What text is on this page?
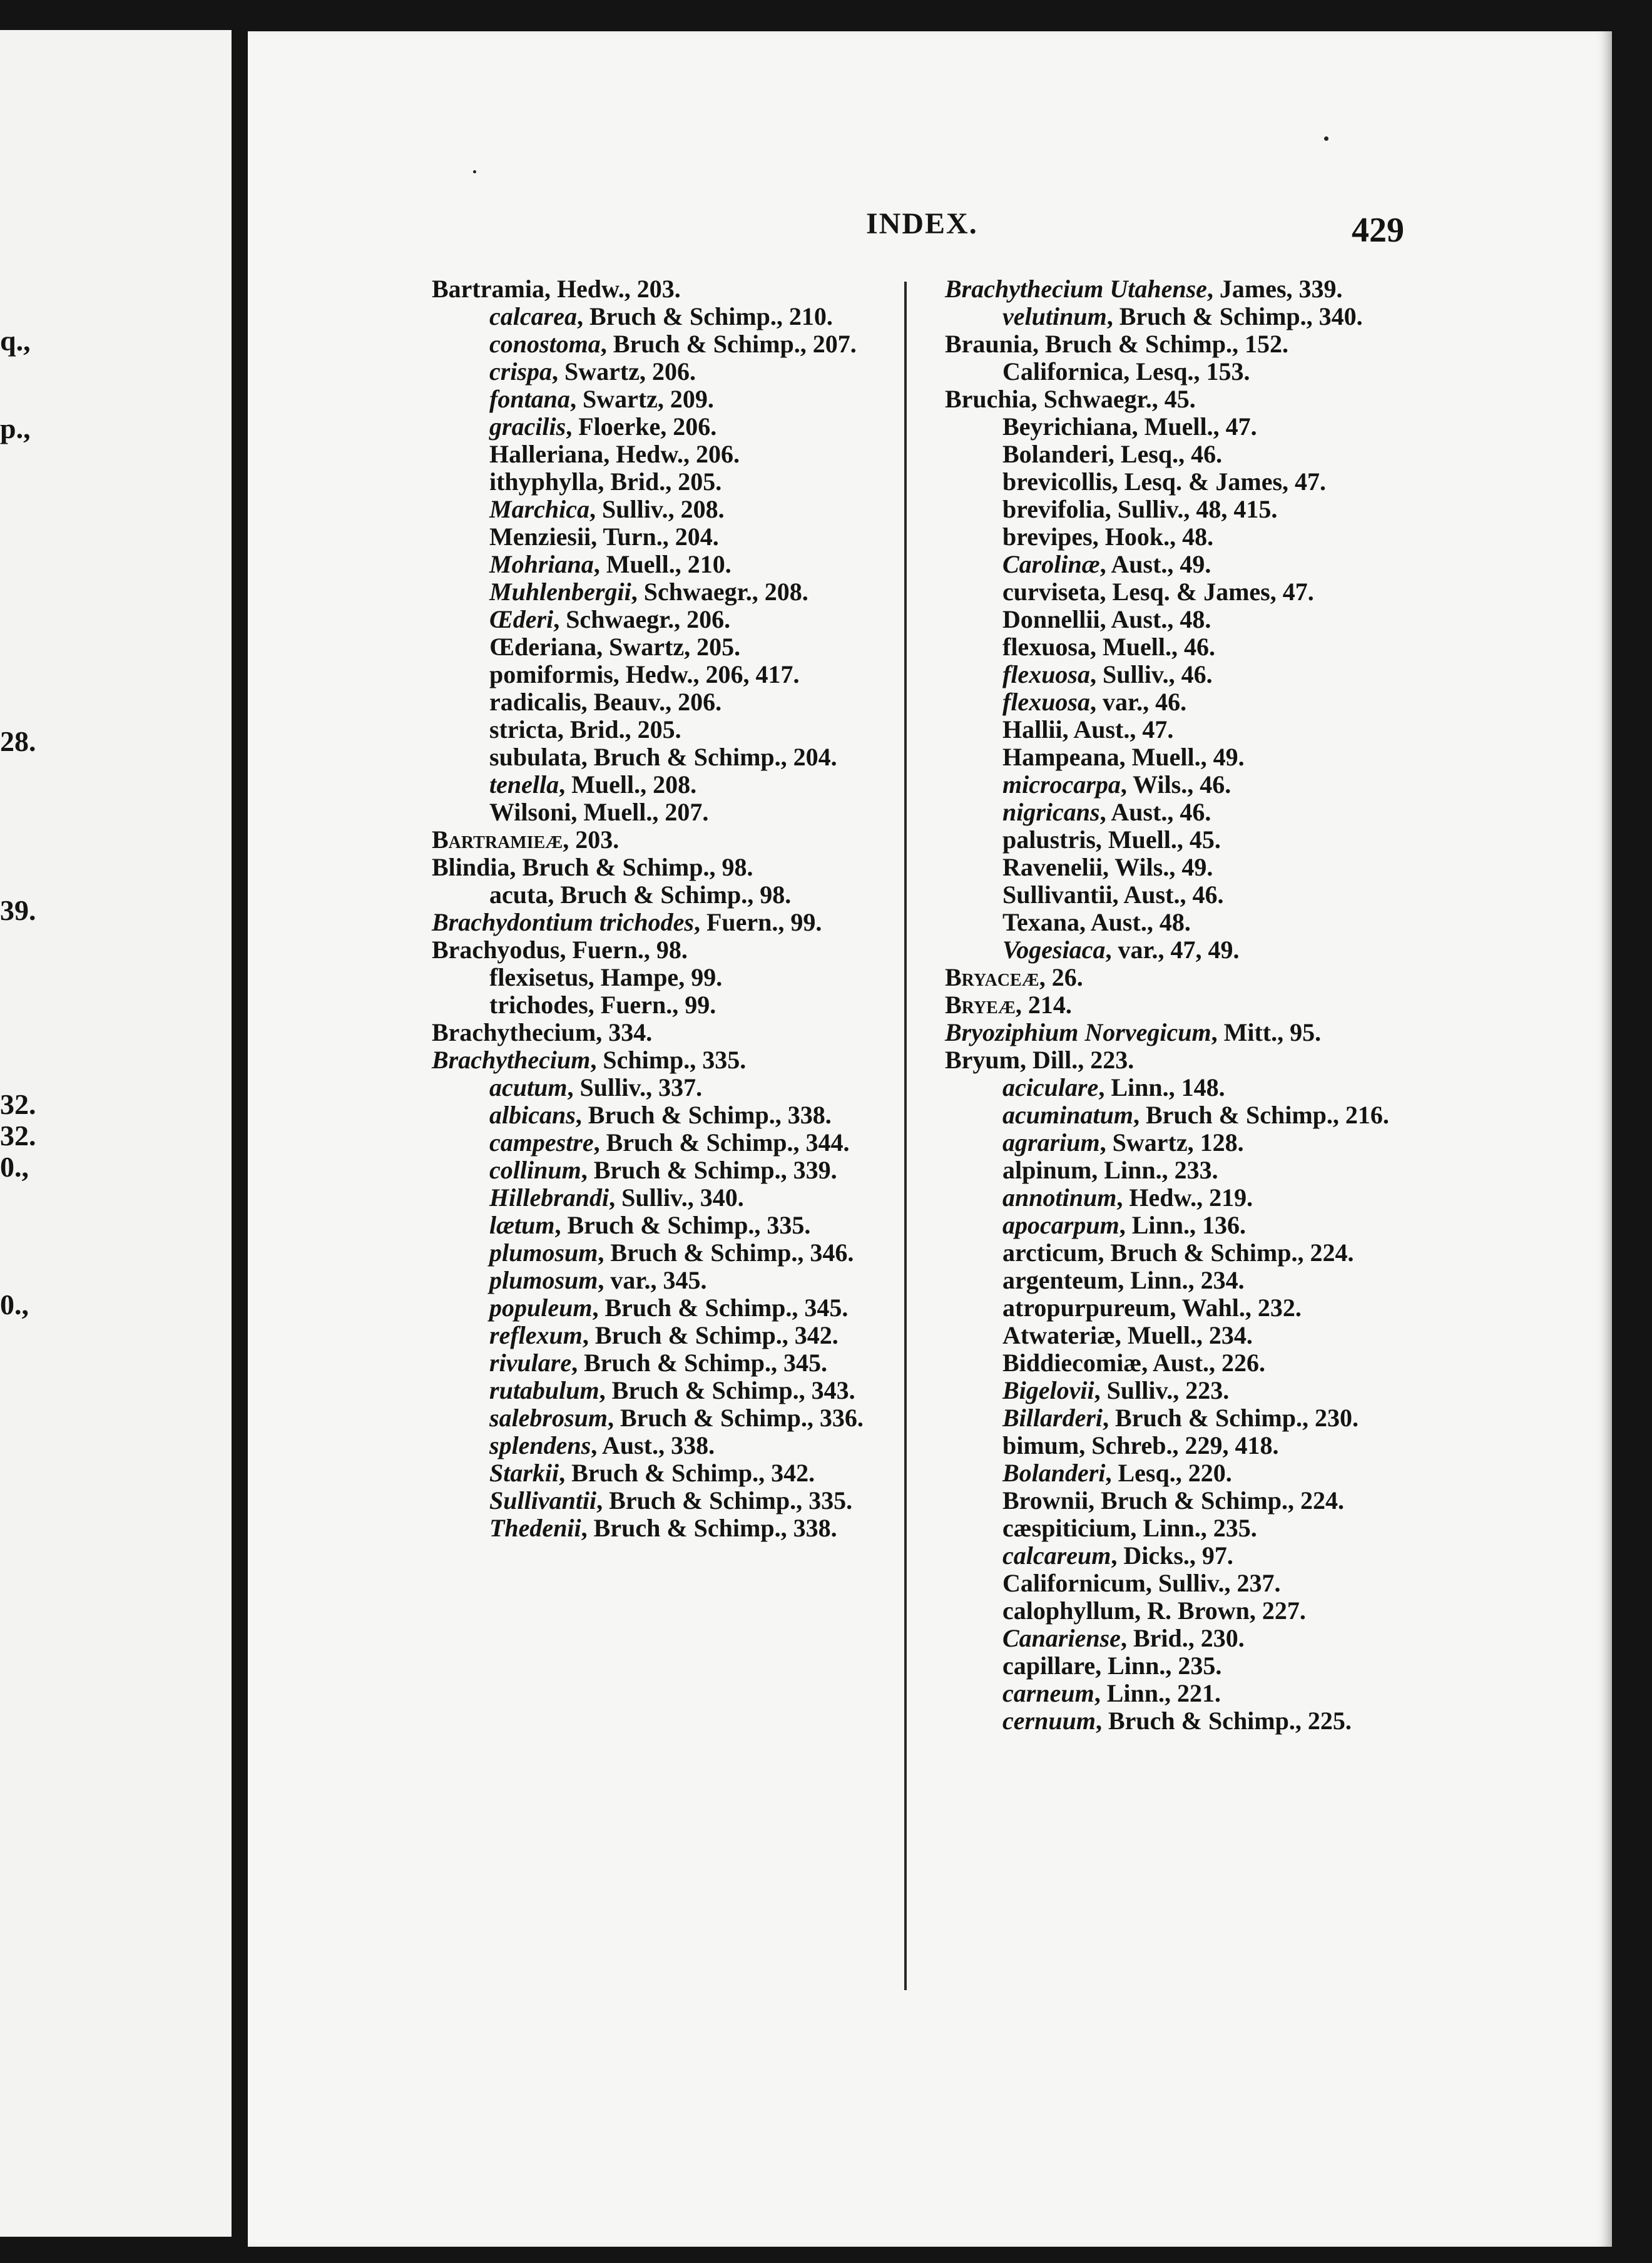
q.,
p.,
28.
39.
32.
32.
0.,
0.,
INDEX.	429
Bartramia, Hedw., 203.
calcarea, Bruch & Schimp., 210.
conostoma, Bruch & Schimp., 207.
crispa, Swartz, 206.
fontana, Swartz, 209.
gracilis, Floerke, 206.
Halleriana, Hedw., 206.
ithyphylla, Brid., 205.
Marchica, Sulliv., 208.
Menziesii, Turn., 204.
Mohriana, Muell., 210.
Muhlenbergii, Schwaegr., 208.
Œderi, Schwaegr., 206.
Œderiana, Swartz, 205.
pomiformis, Hedw., 206, 417.
radicalis, Beauv., 206.
stricta, Brid., 205.
subulata, Bruch & Schimp., 204.
tenella, Muell., 208.
Wilsoni, Muell., 207.
Bartramieæ, 203.
Blindia, Bruch & Schimp., 98.
acuta, Bruch & Schimp., 98.
Brachydontium trichodes, Fuern., 99.
Brachyodus, Fuern., 98.
flexisetus, Hampe, 99.
trichodes, Fuern., 99.
Brachythecium, 334.
Brachythecium, Schimp., 335.
acutum, Sulliv., 337.
albicans, Bruch & Schimp., 338.
campestre, Bruch & Schimp., 344.
collinum, Bruch & Schimp., 339.
Hillebrandi, Sulliv., 340.
lætum, Bruch & Schimp., 335.
plumosum, Bruch & Schimp., 346.
plumosum, var., 345.
populeum, Bruch & Schimp., 345.
reflexum, Bruch & Schimp., 342.
rivulare, Bruch & Schimp., 345.
rutabulum, Bruch & Schimp., 343.
salebrosum, Bruch & Schimp., 336.
splendens, Aust., 338.
Starkii, Bruch & Schimp., 342.
Sullivantii, Bruch & Schimp., 335.
Thedenii, Bruch & Schimp., 338.
Brachythecium Utahense, James, 339.
velutinum, Bruch & Schimp., 340.
Braunia, Bruch & Schimp., 152.
Californica, Lesq., 153.
Bruchia, Schwaegr., 45.
Beyrichiana, Muell., 47.
Bolanderi, Lesq., 46.
brevicollis, Lesq. & James, 47.
brevifolia, Sulliv., 48, 415.
brevipes, Hook., 48.
Carolinæ, Aust., 49.
curviseta, Lesq. & James, 47.
Donnellii, Aust., 48.
flexuosa, Muell., 46.
flexuosa, Sulliv., 46.
flexuosa, var., 46.
Hallii, Aust., 47.
Hampeana, Muell., 49.
microcarpa, Wils., 46.
nigricans, Aust., 46.
palustris, Muell., 45.
Ravenelii, Wils., 49.
Sullivantii, Aust., 46.
Texana, Aust., 48.
Vogesiaca, var., 47, 49.
Bryaceæ, 26.
Bryeæ, 214.
Bryoziphium Norvegicum, Mitt., 95.
Bryum, Dill., 223.
aciculare, Linn., 148.
acuminatum, Bruch & Schimp., 216.
agrarium, Swartz, 128.
alpinum, Linn., 233.
annotinum, Hedw., 219.
apocarpum, Linn., 136.
arcticum, Bruch & Schimp., 224.
argenteum, Linn., 234.
atropurpureum, Wahl., 232.
Atwateriæ, Muell., 234.
Biddiecomiæ, Aust., 226.
Bigelovii, Sulliv., 223.
Billarderi, Bruch & Schimp., 230.
bimum, Schreb., 229, 418.
Bolanderi, Lesq., 220.
Brownii, Bruch & Schimp., 224.
cæspiticium, Linn., 235.
calcareum, Dicks., 97.
Californicum, Sulliv., 237.
calophyllum, R. Brown, 227.
Canariense, Brid., 230.
capillare, Linn., 235.
carneum, Linn., 221.
cernuum, Bruch & Schimp., 225.
